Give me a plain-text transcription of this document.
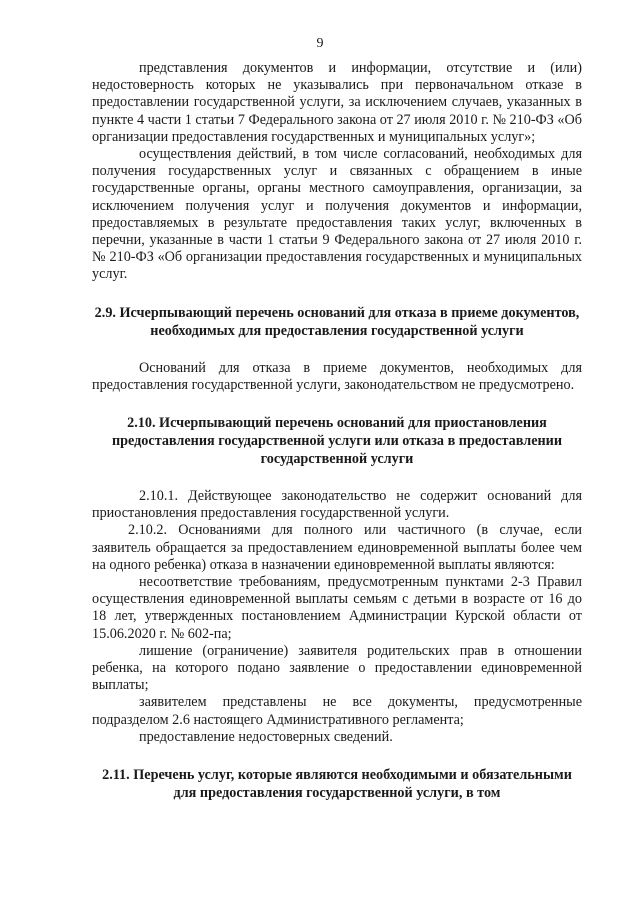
9

представления документов и информации, отсутствие и (или) недостоверность которых не указывались при первоначальном отказе в предоставлении государственной услуги, за исключением случаев, указанных в пункте 4 части 1 статьи 7 Федерального закона от 27 июля 2010 г. № 210-ФЗ «Об организации предоставления государственных и муниципальных услуг»;

осуществления действий, в том числе согласований, необходимых для получения государственных услуг и связанных с обращением в иные государственные органы, органы местного самоуправления, организации, за исключением получения услуг и получения документов и информации, предоставляемых в результате предоставления таких услуг, включенных в перечни, указанные в части 1 статьи 9 Федерального закона от 27 июля 2010 г. № 210-ФЗ «Об организации предоставления государственных и муниципальных услуг.

2.9. Исчерпывающий перечень оснований для отказа в приеме документов, необходимых для предоставления государственной услуги

Оснований для отказа в приеме документов, необходимых для предоставления государственной услуги, законодательством не предусмотрено.

2.10. Исчерпывающий перечень оснований для приостановления предоставления государственной услуги или отказа в предоставлении государственной услуги

2.10.1. Действующее законодательство не содержит оснований для приостановления предоставления государственной услуги.

2.10.2. Основаниями для полного или частичного (в случае, если заявитель обращается за предоставлением единовременной выплаты более чем на одного ребенка) отказа в назначении единовременной выплаты являются:

несоответствие требованиям, предусмотренным пунктами 2-3 Правил осуществления единовременной выплаты семьям с детьми в возрасте от 16 до 18 лет, утвержденных постановлением Администрации Курской области от 15.06.2020 г. № 602-па;

лишение (ограничение) заявителя родительских прав в отношении ребенка, на которого подано заявление о предоставлении единовременной выплаты;

заявителем представлены не все документы, предусмотренные подразделом 2.6 настоящего Административного регламента;

предоставление недостоверных сведений.

2.11. Перечень услуг, которые являются необходимыми и обязательными для предоставления государственной услуги, в том
